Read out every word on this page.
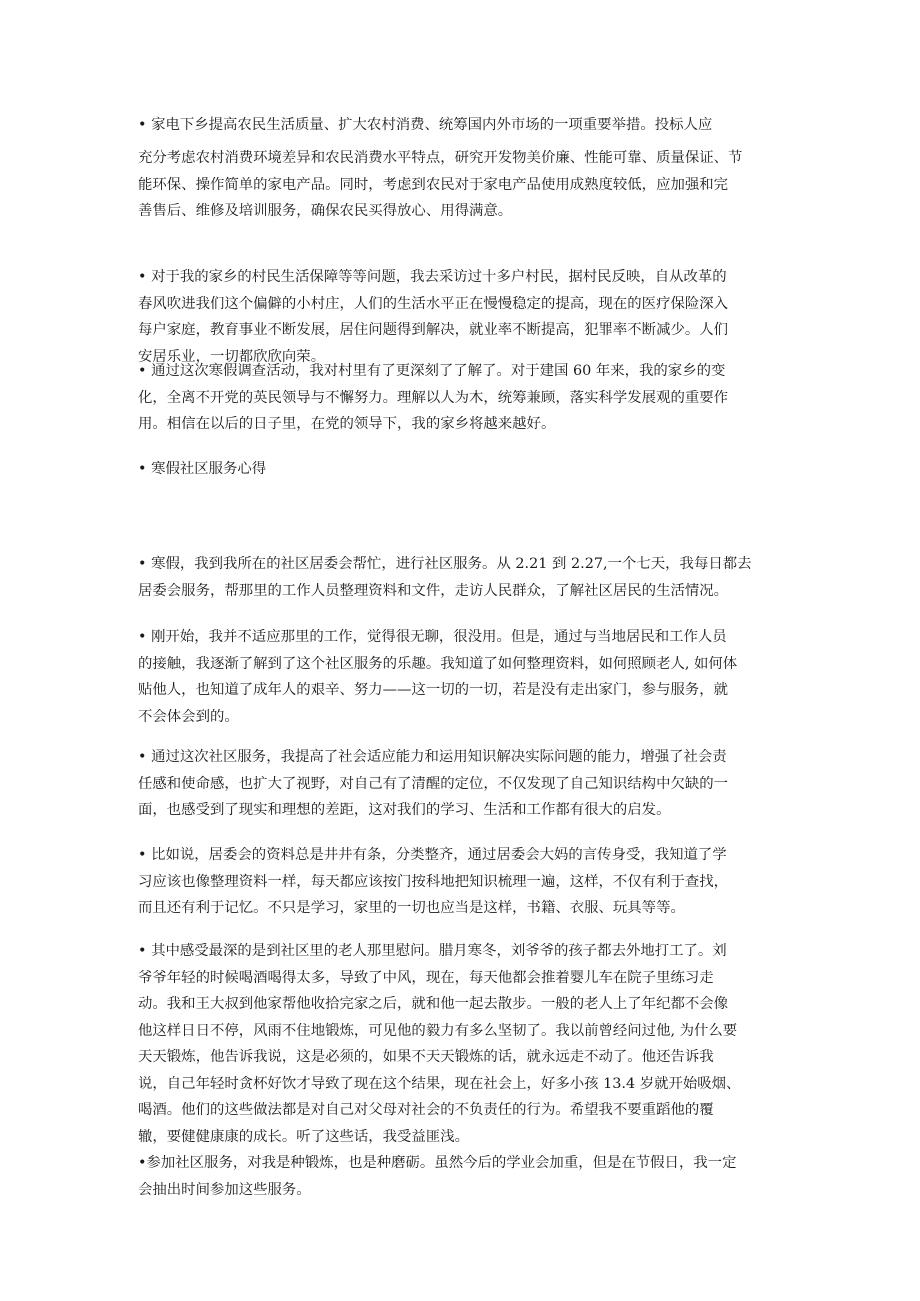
• 家电下乡提高农民生活质量、扩大农村消费、统筹国内外市场的一项重要举措。投标人应

充分考虑农村消费环境差异和农民消费水平特点，研究开发物美价廉、性能可靠、质量保证、节
能环保、操作简单的家电产品。同时，考虑到农民对于家电产品使用成熟度较低，应加强和完
善售后、维修及培训服务，确保农民买得放心、用得满意。

• 对于我的家乡的村民生活保障等等问题，我去采访过十多户村民，据村民反映，自从改革的
春风吹进我们这个偏僻的小村庄，人们的生活水平正在慢慢稳定的提高，现在的医疗保险深入
每户家庭，教育事业不断发展，居住问题得到解决，就业率不断提高，犯罪率不断减少。人们
安居乐业，一切都欣欣向荣。

• 通过这次寒假调查活动，我对村里有了更深刻了了解了。对于建国 60 年来，我的家乡的变
化，全离不开党的英民领导与不懈努力。理解以人为木，统筹兼顾，落实科学发展观的重要作
用。相信在以后的日子里，在党的领导下，我的家乡将越来越好。

• 寒假社区服务心得

• 寒假，我到我所在的社区居委会帮忙，进行社区服务。从 2.21 到 2.27,一个七天，我每日都去
居委会服务，帮那里的工作人员整理资料和文件，走访人民群众，了解社区居民的生活情况。

• 刚开始，我并不适应那里的工作，觉得很无聊，很没用。但是，通过与当地居民和工作人员
的接触，我逐渐了解到了这个社区服务的乐趣。我知道了如何整理资料，如何照顾老人, 如何体
贴他人，也知道了成年人的艰辛、努力——这一切的一切，若是没有走出家门，参与服务，就
不会体会到的。

• 通过这次社区服务，我提高了社会适应能力和运用知识解决实际问题的能力，增强了社会责
任感和使命感，也扩大了视野，对自己有了清醒的定位，不仅发现了自己知识结构中欠缺的一
面，也感受到了现实和理想的差距，这对我们的学习、生活和工作都有很大的启发。

• 比如说，居委会的资料总是井井有条，分类整齐，通过居委会大妈的言传身受，我知道了学
习应该也像整理资料一样，每天都应该按门按科地把知识梳理一遍，这样，不仅有利于查找，
而且还有利于记忆。不只是学习，家里的一切也应当是这样，书籍、衣服、玩具等等。

• 其中感受最深的是到社区里的老人那里慰问。腊月寒冬，刘爷爷的孩子都去外地打工了。刘
爷爷年轻的时候喝酒喝得太多，导致了中风，现在，每天他都会推着婴儿车在院子里练习走
动。我和王大叔到他家帮他收拾完家之后，就和他一起去散步。一般的老人上了年纪都不会像
他这样日日不停，风雨不住地锻炼，可见他的毅力有多么坚韧了。我以前曾经问过他, 为什么要
天天锻炼，他告诉我说，这是必须的，如果不天天锻炼的话，就永远走不动了。他还告诉我
说，自己年轻时贪杯好饮才导致了现在这个结果，现在社会上，好多小孩 13.4 岁就开始吸烟、
喝酒。他们的这些做法都是对自己对父母对社会的不负责任的行为。希望我不要重蹈他的覆
辙，要健健康康的成长。听了这些话，我受益匪浅。

•参加社区服务，对我是种锻炼，也是种磨砺。虽然今后的学业会加重，但是在节假日，我一定
会抽出时间参加这些服务。
